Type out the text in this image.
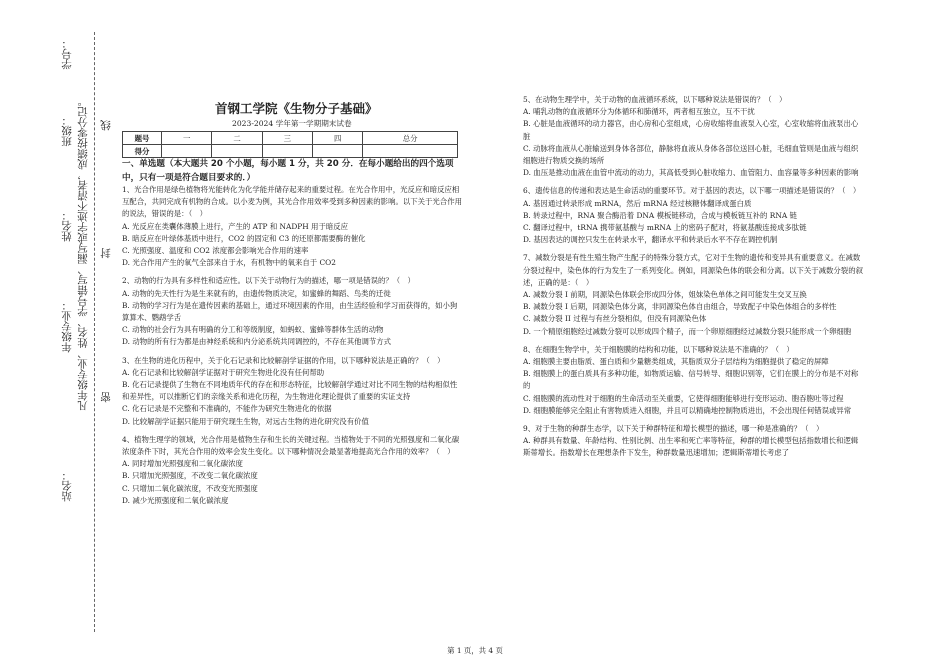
学号：
班级：
姓名：
年级专业：
站名：
凡年级专业、姓名、学号错写、漏写或字迹不清者，成绩按零分记。 线
封
密
首钢工学院《生物分子基础》
2023-2024 学年第一学期期末试卷
题号	一	二	三	四	总分
得分					
一、单选题（本大题共 20 个小题，每小题 1 分，共 20 分．在每小题给出的四个选项中，只有一项是符合题目要求的．）

1、光合作用是绿色植物将光能转化为化学能并储存起来的重要过程。在光合作用中，光反应和暗反应相互配合，共同完成有机物的合成。以小麦为例，其光合作用效率受到多种因素的影响。以下关于光合作用的说法，错误的是：（　）

A. 光反应在类囊体薄膜上进行，产生的 ATP 和 NADPH 用于暗反应

B. 暗反应在叶绿体基质中进行，CO2 的固定和 C3 的还原都需要酶的催化

C. 光照强度、温度和 CO2 浓度都会影响光合作用的速率

D. 光合作用产生的氧气全部来自于水，有机物中的氧来自于 CO2

2、动物的行为具有多样性和适应性。以下关于动物行为的描述，哪一项是错误的？（　）

A. 动物的先天性行为是生来就有的，由遗传物质决定，如蜜蜂的舞蹈、鸟类的迁徙

B. 动物的学习行为是在遗传因素的基础上，通过环境因素的作用，由生活经验和学习而获得的，如小狗算算术、鹦鹉学舌

C. 动物的社会行为具有明确的分工和等级制度，如蚂蚁、蜜蜂等群体生活的动物

D. 动物的所有行为都是由神经系统和内分泌系统共同调控的，不存在其他调节方式

3、在生物的进化历程中，关于化石记录和比较解剖学证据的作用，以下哪种说法是正确的？（　）

A. 化石记录和比较解剖学证据对于研究生物进化没有任何帮助

B. 化石记录提供了生物在不同地质年代的存在和形态特征，比较解剖学通过对比不同生物的结构相似性和差异性，可以推断它们的亲缘关系和进化历程，为生物进化理论提供了重要的实证支持

C. 化石记录是不完整和不准确的，不能作为研究生物进化的依据

D. 比较解剖学证据只能用于研究现生生物，对远古生物的进化研究没有价值

4、植物生理学的领域，光合作用是植物生存和生长的关键过程。当植物处于不同的光照强度和二氧化碳浓度条件下时，其光合作用的效率会发生变化。以下哪种情况会最显著地提高光合作用的效率？（　）

A. 同时增加光照强度和二氧化碳浓度

B. 只增加光照强度，不改变二氧化碳浓度

C. 只增加二氧化碳浓度，不改变光照强度

D. 减少光照强度和二氧化碳浓度

5、在动物生理学中，关于动物的血液循环系统，以下哪种说法是错误的？（　）

A. 哺乳动物的血液循环分为体循环和肺循环，两者相互独立，互不干扰

B. 心脏是血液循环的动力器官，由心房和心室组成，心房收缩将血液泵入心室，心室收缩将血液泵出心脏

C. 动脉将血液从心脏输送到身体各部位，静脉将血液从身体各部位送回心脏，毛细血管则是血液与组织细胞进行物质交换的场所

D. 血压是推动血液在血管中流动的动力，其高低受到心脏收缩力、血管阻力、血容量等多种因素的影响

6、遗传信息的传递和表达是生命活动的重要环节。对于基因的表达，以下哪一项描述是错误的？（　）

A. 基因通过转录形成 mRNA，然后 mRNA 经过核糖体翻译成蛋白质

B. 转录过程中，RNA 聚合酶沿着 DNA 模板链移动，合成与模板链互补的 RNA 链

C. 翻译过程中，tRNA 携带氨基酸与 mRNA 上的密码子配对，将氨基酸连接成多肽链

D. 基因表达的调控只发生在转录水平，翻译水平和转录后水平不存在调控机制

7、减数分裂是有性生殖生物产生配子的特殊分裂方式，它对于生物的遗传和变异具有重要意义。在减数分裂过程中，染色体的行为发生了一系列变化。例如，同源染色体的联会和分离。以下关于减数分裂的叙述，正确的是：（　）

A. 减数分裂 I 前期，同源染色体联会形成四分体，姐妹染色单体之间可能发生交叉互换

B. 减数分裂 I 后期，同源染色体分离，非同源染色体自由组合，导致配子中染色体组合的多样性

C. 减数分裂 II 过程与有丝分裂相似，但没有同源染色体

D. 一个精原细胞经过减数分裂可以形成四个精子，而一个卵原细胞经过减数分裂只能形成一个卵细胞

8、在细胞生物学中，关于细胞膜的结构和功能，以下哪种说法是不准确的？（　）

A. 细胞膜主要由脂质、蛋白质和少量糖类组成，其脂质双分子层结构为细胞提供了稳定的屏障

B. 细胞膜上的蛋白质具有多种功能，如物质运输、信号转导、细胞识别等，它们在膜上的分布是不对称的

C. 细胞膜的流动性对于细胞的生命活动至关重要，它使得细胞能够进行变形运动、胞吞胞吐等过程

D. 细胞膜能够完全阻止有害物质进入细胞，并且可以精确地控制物质进出，不会出现任何错误或异常

9、对于生物的种群生态学，以下关于种群特征和增长模型的描述，哪一种是准确的？（　）

A. 种群具有数量、年龄结构、性别比例、出生率和死亡率等特征，种群的增长模型包括指数增长和逻辑斯蒂增长。指数增长在理想条件下发生，种群数量迅速增加；逻辑斯蒂增长考虑了

第 1 页，共 4 页
